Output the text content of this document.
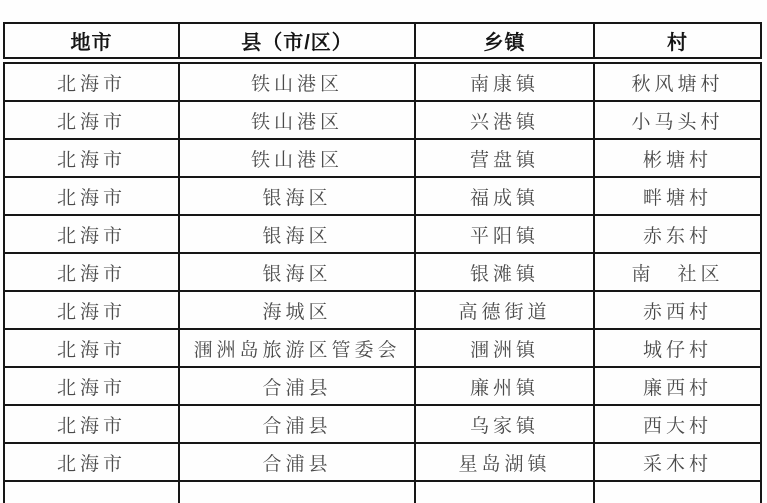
地市	县（市/区）	乡镇	村
北海市	铁山港区	南康镇	秋风塘村
北海市	铁山港区	兴港镇	小马头村
北海市	铁山港区	营盘镇	彬塘村
北海市	银海区	福成镇	畔塘村
北海市	银海区	平阳镇	赤东村
北海市	银海区	银滩镇	南　社区
北海市	海城区	高德街道	赤西村
北海市	涠洲岛旅游区管委会	涠洲镇	城仔村
北海市	合浦县	廉州镇	廉西村
北海市	合浦县	乌家镇	西大村
北海市	合浦县	星岛湖镇	采木村
